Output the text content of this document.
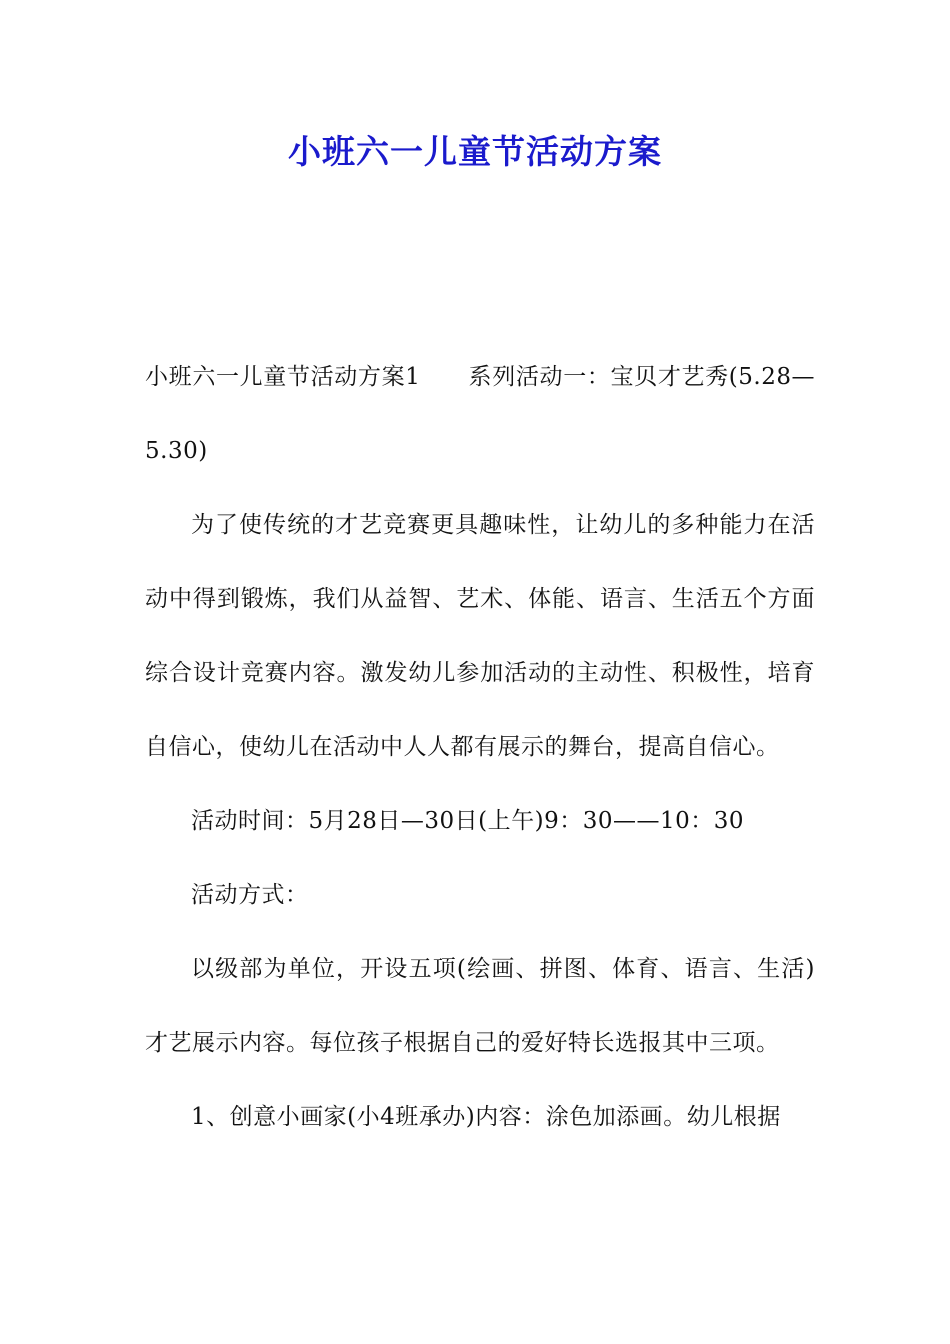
小班六一儿童节活动方案

小班六一儿童节活动方案1 系列活动一：宝贝才艺秀(5.28—5.30)

为了使传统的才艺竞赛更具趣味性，让幼儿的多种能力在活动中得到锻炼，我们从益智、艺术、体能、语言、生活五个方面综合设计竞赛内容。激发幼儿参加活动的主动性、积极性，培育自信心，使幼儿在活动中人人都有展示的舞台，提高自信心。

活动时间：5月28日—30日(上午)9：30——10：30

活动方式：

以级部为单位，开设五项(绘画、拼图、体育、语言、生活)才艺展示内容。每位孩子根据自己的爱好特长选报其中三项。

1、创意小画家(小4班承办)内容：涂色加添画。幼儿根据
